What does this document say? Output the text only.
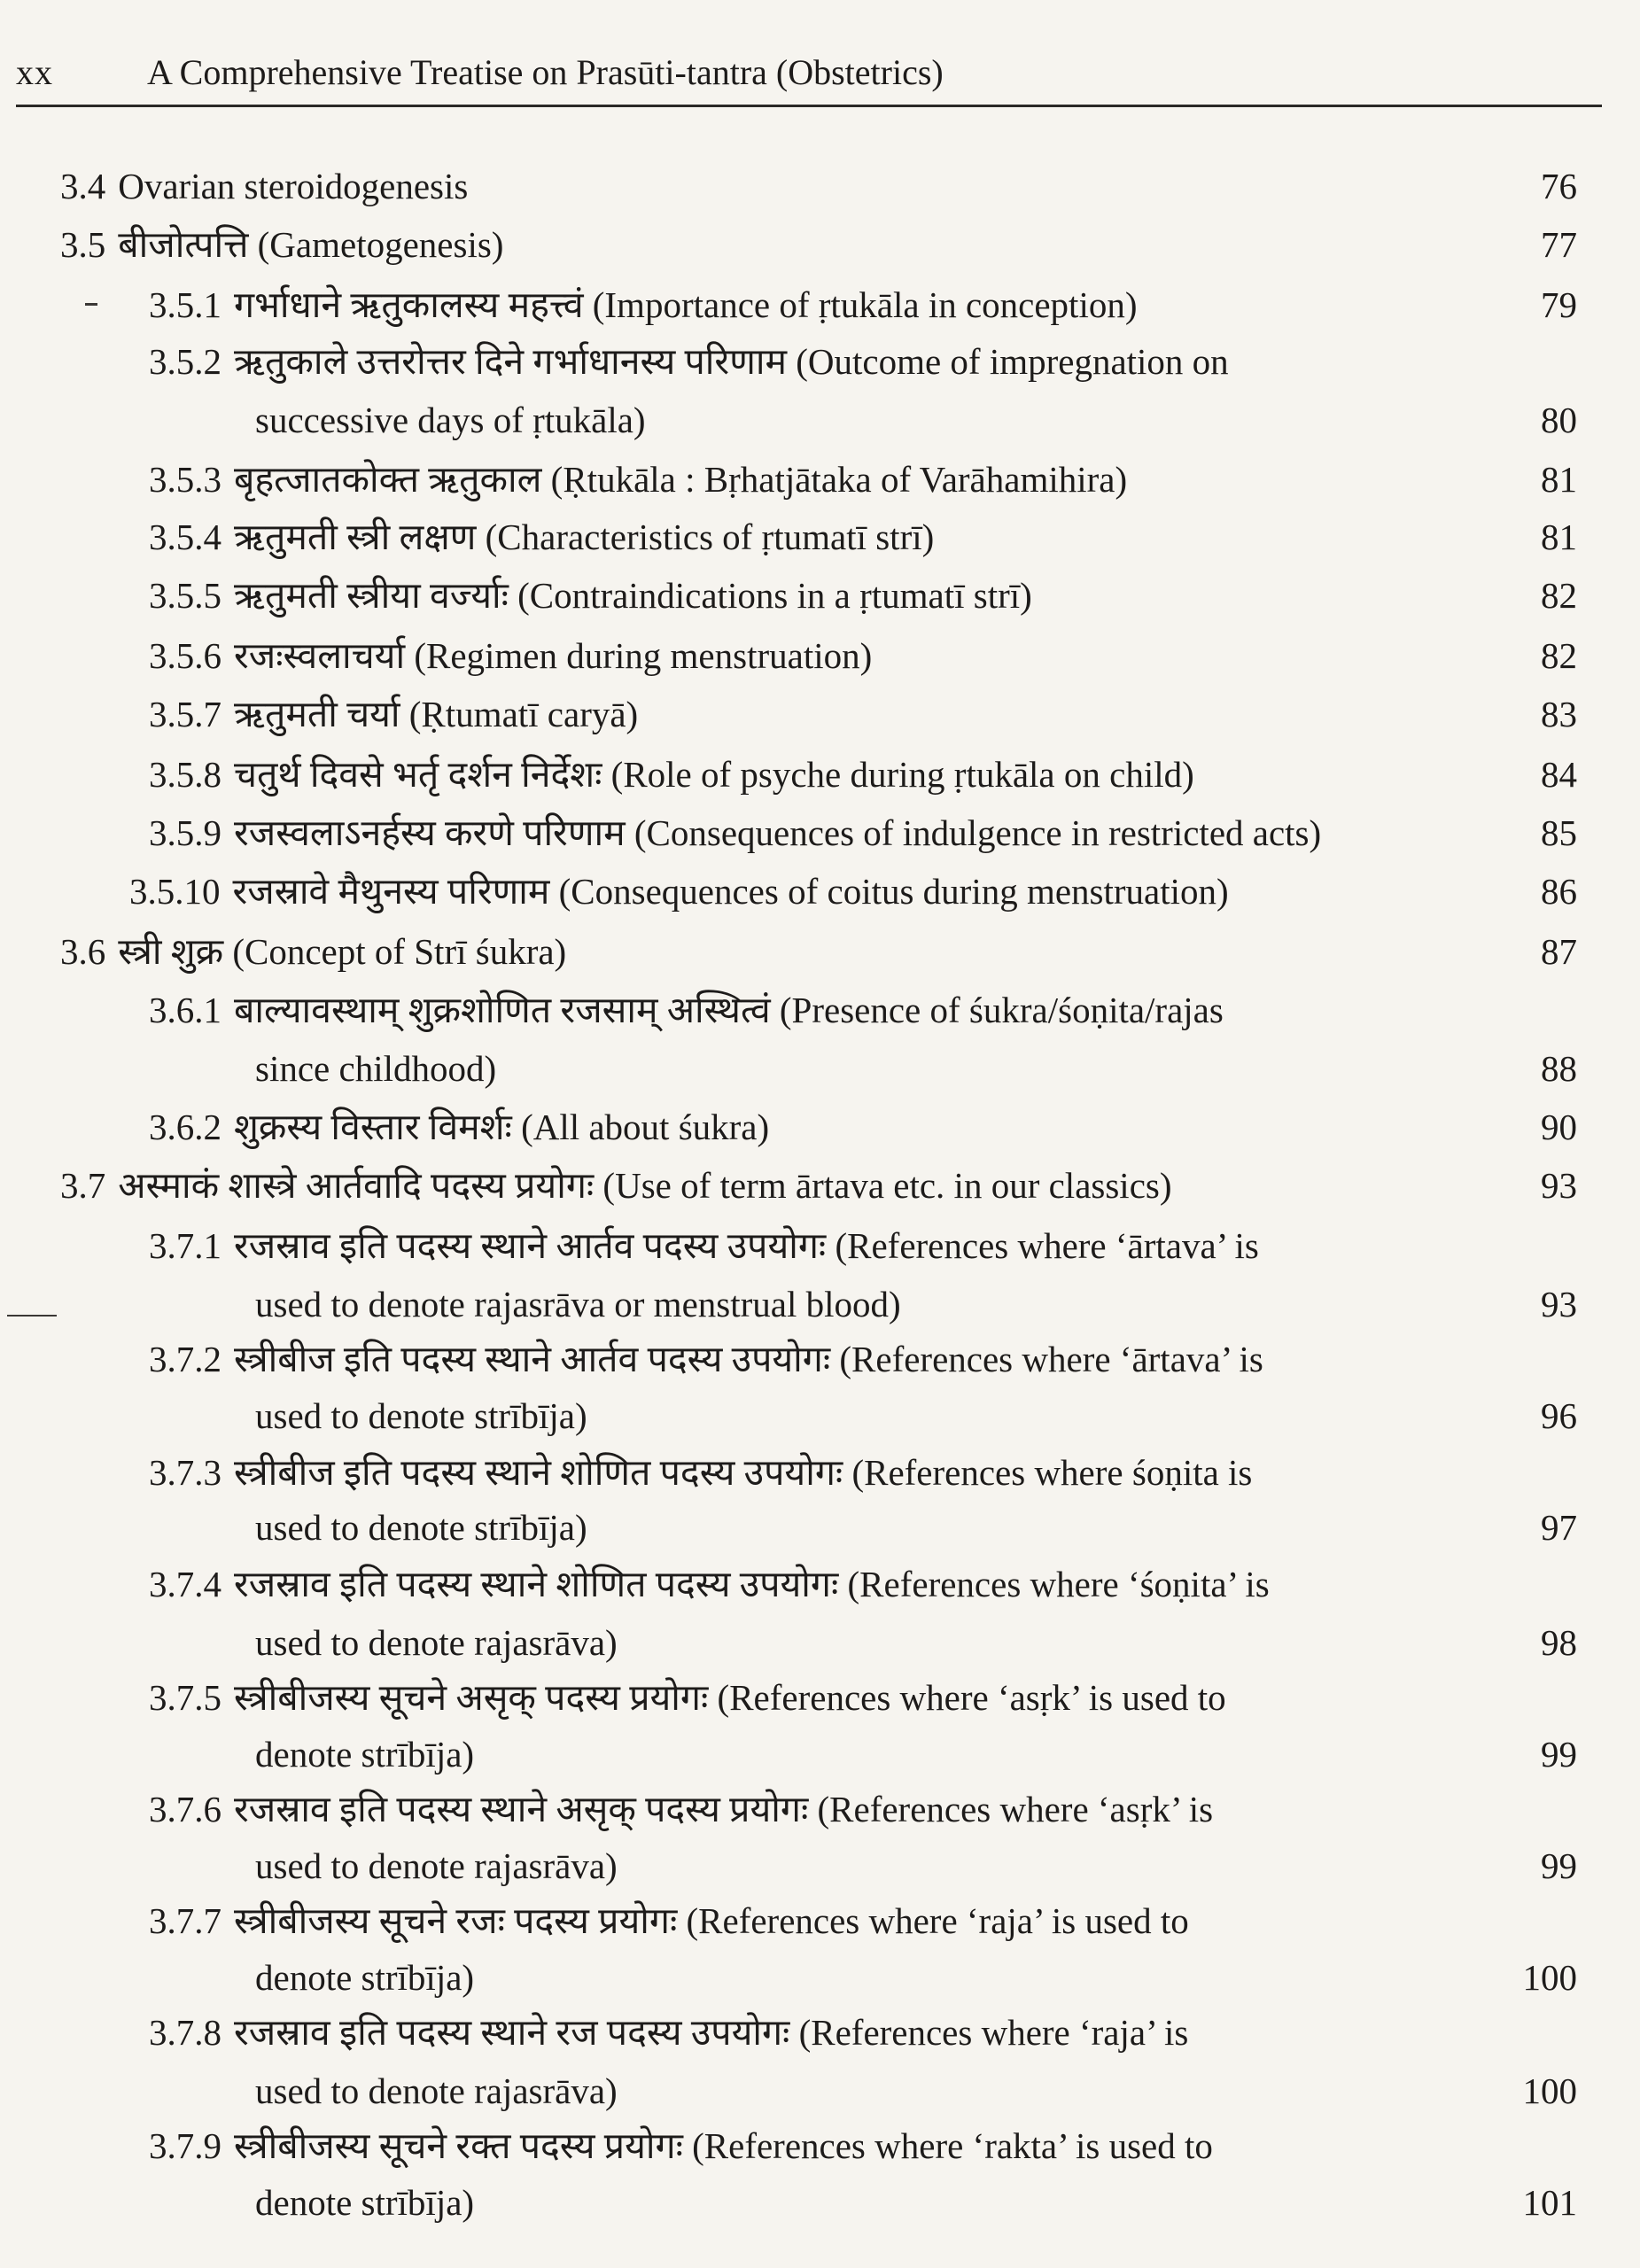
xx	A Comprehensive Treatise on Prasūti-tantra (Obstetrics)
3.4 Ovarian steroidogenesis	76
3.5 बीजोत्पत्ति (Gametogenesis)	77
3.5.1 गर्भाधाने ऋतुकालस्य महत्त्वं (Importance of ṛtukāla in conception)	79
3.5.2 ऋतुकाले उत्तरोत्तर दिने गर्भाधानस्य परिणाम (Outcome of impregnation on
successive days of ṛtukāla)	80
3.5.3 बृहत्जातकोक्त ऋतुकाल (Ṛtukāla : Bṛhatjātaka of Varāhamihira)	81
3.5.4 ऋतुमती स्त्री लक्षण (Characteristics of ṛtumatī strī)	81
3.5.5 ऋतुमती स्त्रीया वर्ज्याः (Contraindications in a ṛtumatī strī)	82
3.5.6 रजःस्वलाचर्या (Regimen during menstruation)	82
3.5.7 ऋतुमती चर्या (Ṛtumatī caryā)	83
3.5.8 चतुर्थ दिवसे भर्तृ दर्शन निर्देशः (Role of psyche during ṛtukāla on child)	84
3.5.9 रजस्वलाऽनर्हस्य करणे परिणाम (Consequences of indulgence in restricted acts)	85
3.5.10 रजस्रावे मैथुनस्य परिणाम (Consequences of coitus during menstruation)	86
3.6 स्त्री शुक्र (Concept of Strī śukra)	87
3.6.1 बाल्यावस्थाम् शुक्रशोणित रजसाम् अस्थित्वं (Presence of śukra/śoṇita/rajas
since childhood)	88
3.6.2 शुक्रस्य विस्तार विमर्शः (All about śukra)	90
3.7 अस्माकं शास्त्रे आर्तवादि पदस्य प्रयोगः (Use of term ārtava etc. in our classics)	93
3.7.1 रजस्राव इति पदस्य स्थाने आर्तव पदस्य उपयोगः (References where ‘ārtava’ is
used to denote rajasrāva or menstrual blood)	93
3.7.2 स्त्रीबीज इति पदस्य स्थाने आर्तव पदस्य उपयोगः (References where ‘ārtava’ is
used to denote strībīja)	96
3.7.3 स्त्रीबीज इति पदस्य स्थाने शोणित पदस्य उपयोगः (References where śoṇita is
used to denote strībīja)	97
3.7.4 रजस्राव इति पदस्य स्थाने शोणित पदस्य उपयोगः (References where ‘śoṇita’ is
used to denote rajasrāva)	98
3.7.5 स्त्रीबीजस्य सूचने असृक् पदस्य प्रयोगः (References where ‘asṛk’ is used to
denote strībīja)	99
3.7.6 रजस्राव इति पदस्य स्थाने असृक् पदस्य प्रयोगः (References where ‘asṛk’ is
used to denote rajasrāva)	99
3.7.7 स्त्रीबीजस्य सूचने रजः पदस्य प्रयोगः (References where ‘raja’ is used to
denote strībīja)	100
3.7.8 रजस्राव इति पदस्य स्थाने रज पदस्य उपयोगः (References where ‘raja’ is
used to denote rajasrāva)	100
3.7.9 स्त्रीबीजस्य सूचने रक्त पदस्य प्रयोगः (References where ‘rakta’ is used to
denote strībīja)	101
